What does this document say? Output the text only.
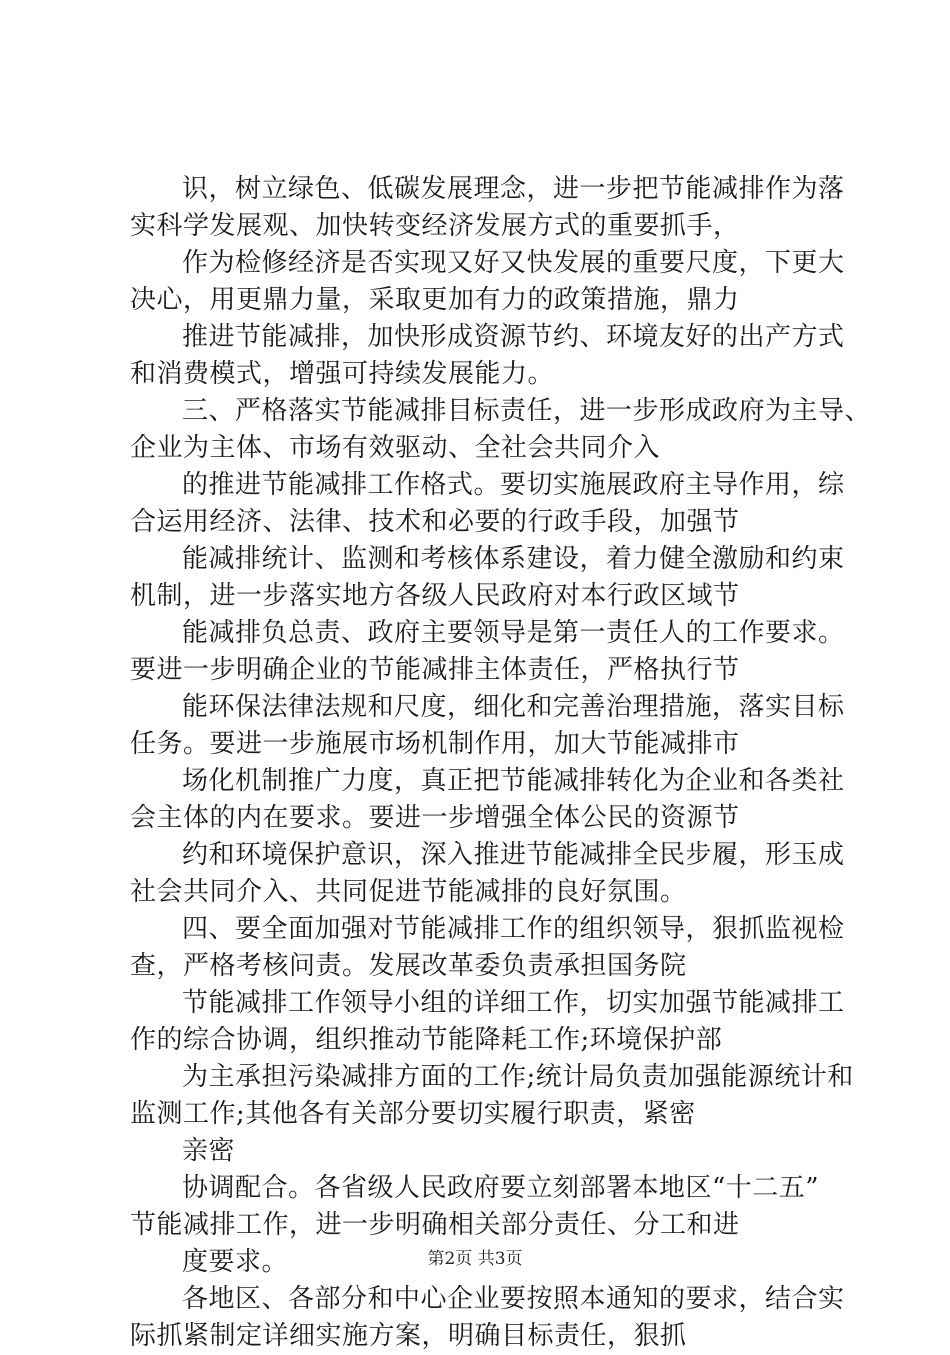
识，树立绿色、低碳发展理念，进一步把节能减排作为落
实科学发展观、加快转变经济发展方式的重要抓手，
作为检修经济是否实现又好又快发展的重要尺度，下更大
决心，用更鼎力量，采取更加有力的政策措施，鼎力
推进节能减排，加快形成资源节约、环境友好的出产方式
和消费模式，增强可持续发展能力。
三、严格落实节能减排目标责任，进一步形成政府为主导、
企业为主体、市场有效驱动、全社会共同介入
的推进节能减排工作格式。要切实施展政府主导作用，综
合运用经济、法律、技术和必要的行政手段，加强节
能减排统计、监测和考核体系建设，着力健全激励和约束
机制，进一步落实地方各级人民政府对本行政区域节
能减排负总责、政府主要领导是第一责任人的工作要求。
要进一步明确企业的节能减排主体责任，严格执行节
能环保法律法规和尺度，细化和完善治理措施，落实目标
任务。要进一步施展市场机制作用，加大节能减排市
场化机制推广力度，真正把节能减排转化为企业和各类社
会主体的内在要求。要进一步增强全体公民的资源节
约和环境保护意识，深入推进节能减排全民步履，形玉成
社会共同介入、共同促进节能减排的良好氛围。
四、要全面加强对节能减排工作的组织领导，狠抓监视检
查，严格考核问责。发展改革委负责承担国务院
节能减排工作领导小组的详细工作，切实加强节能减排工
作的综合协调，组织推动节能降耗工作;环境保护部
为主承担污染减排方面的工作;统计局负责加强能源统计和
监测工作;其他各有关部分要切实履行职责，紧密
亲密
协调配合。各省级人民政府要立刻部署本地区“十二五”
节能减排工作，进一步明确相关部分责任、分工和进
度要求。
各地区、各部分和中心企业要按照本通知的要求，结合实
际抓紧制定详细实施方案，明确目标责任，狠抓
第2页 共3页
